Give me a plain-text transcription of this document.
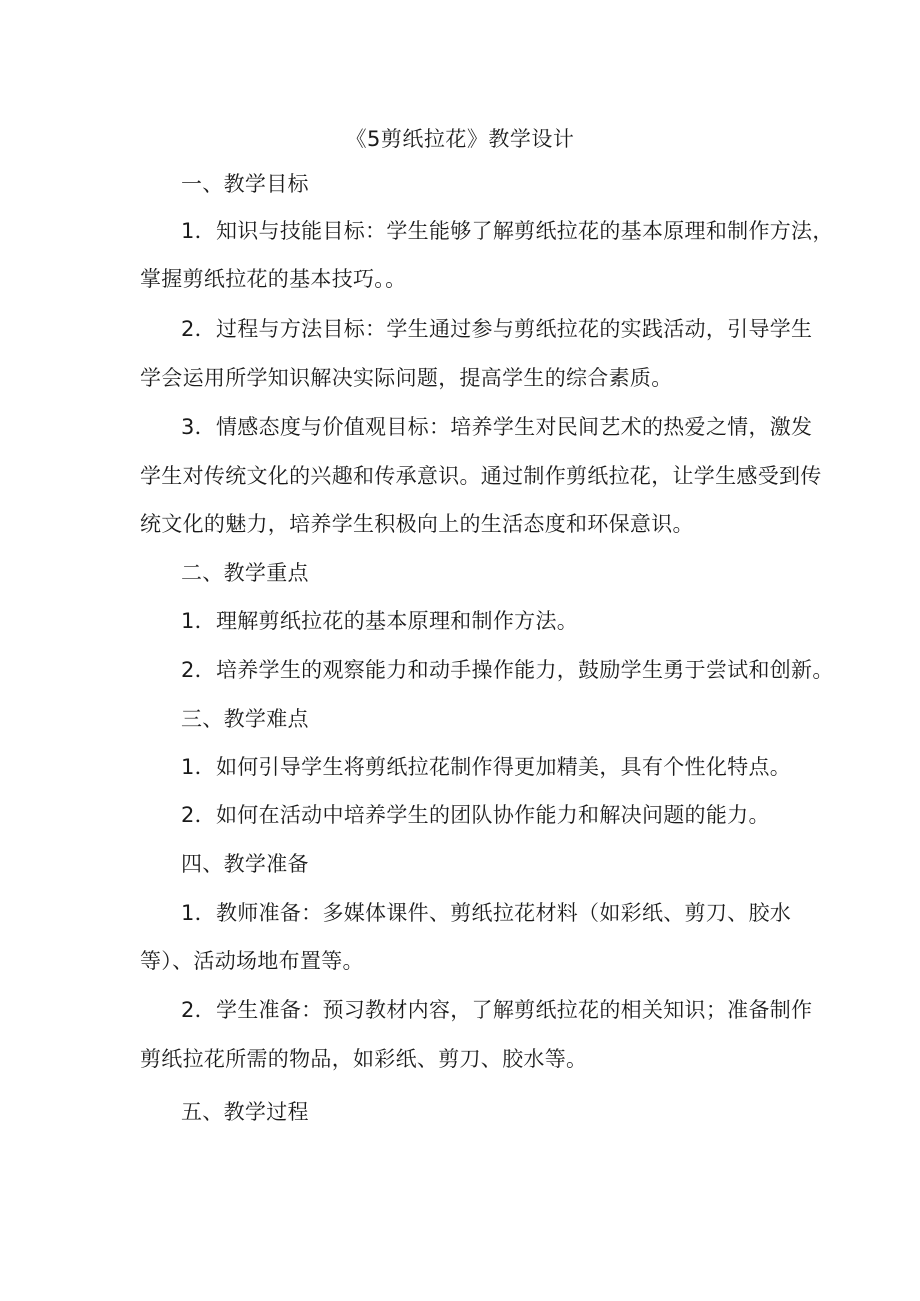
《5剪纸拉花》教学设计
一、教学目标
1．知识与技能目标：学生能够了解剪纸拉花的基本原理和制作方法，
掌握剪纸拉花的基本技巧。。
2．过程与方法目标：学生通过参与剪纸拉花的实践活动，引导学生
学会运用所学知识解决实际问题，提高学生的综合素质。
3．情感态度与价值观目标：培养学生对民间艺术的热爱之情，激发
学生对传统文化的兴趣和传承意识。通过制作剪纸拉花，让学生感受到传
统文化的魅力，培养学生积极向上的生活态度和环保意识。
二、教学重点
1．理解剪纸拉花的基本原理和制作方法。
2．培养学生的观察能力和动手操作能力，鼓励学生勇于尝试和创新。
三、教学难点
1．如何引导学生将剪纸拉花制作得更加精美，具有个性化特点。
2．如何在活动中培养学生的团队协作能力和解决问题的能力。
四、教学准备
1．教师准备：多媒体课件、剪纸拉花材料（如彩纸、剪刀、胶水
等）、活动场地布置等。
2．学生准备：预习教材内容，了解剪纸拉花的相关知识；准备制作
剪纸拉花所需的物品，如彩纸、剪刀、胶水等。
五、教学过程
